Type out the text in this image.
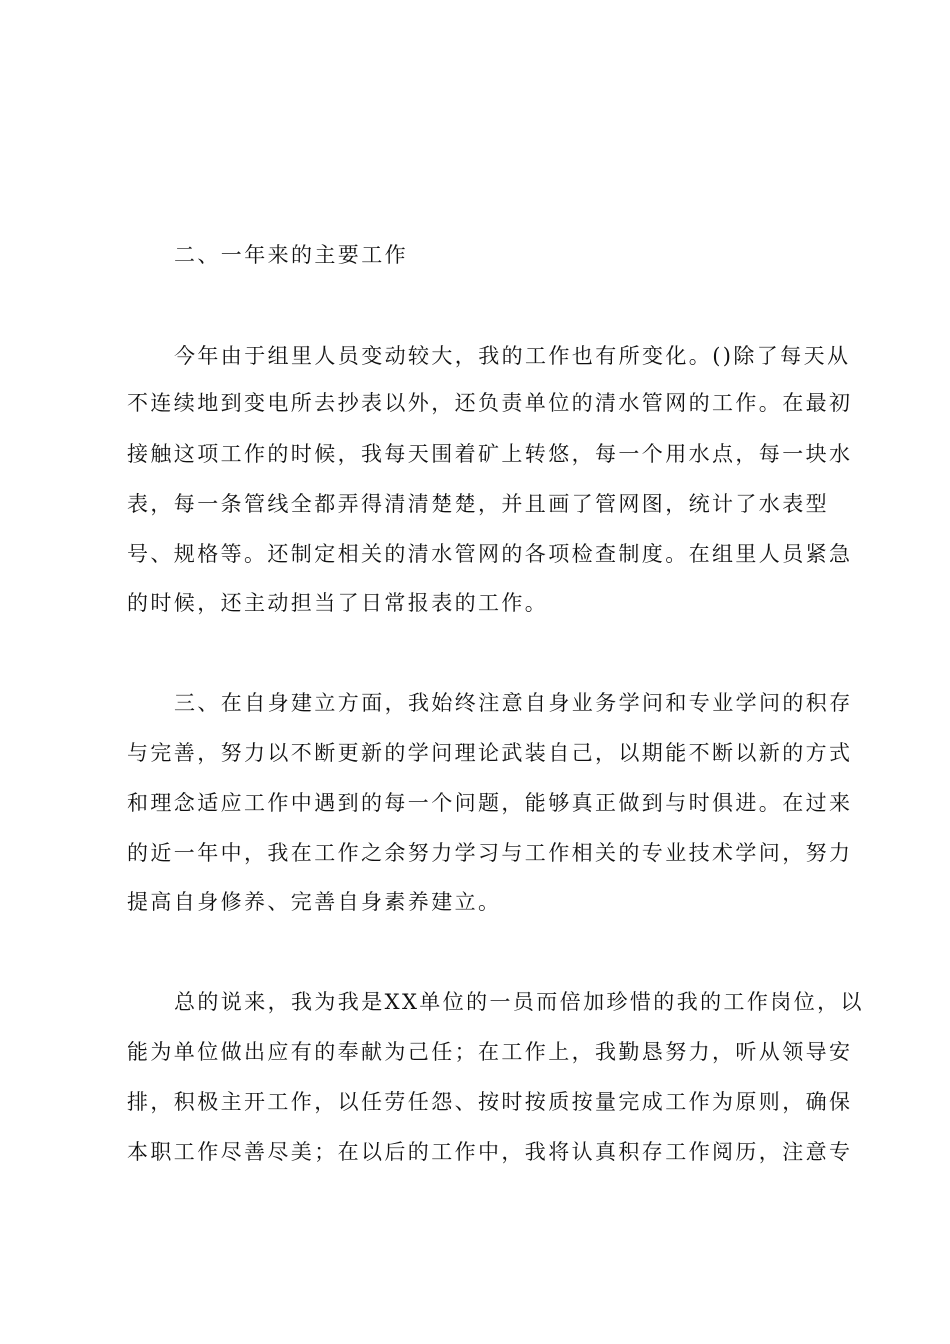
二、一年来的主要工作
今年由于组里人员变动较大，我的工作也有所变化。()除了每天从
不连续地到变电所去抄表以外，还负责单位的清水管网的工作。在最初
接触这项工作的时候，我每天围着矿上转悠，每一个用水点，每一块水
表，每一条管线全都弄得清清楚楚，并且画了管网图，统计了水表型
号、规格等。还制定相关的清水管网的各项检查制度。在组里人员紧急
的时候，还主动担当了日常报表的工作。
三、在自身建立方面，我始终注意自身业务学问和专业学问的积存
与完善，努力以不断更新的学问理论武装自己，以期能不断以新的方式
和理念适应工作中遇到的每一个问题，能够真正做到与时俱进。在过来
的近一年中，我在工作之余努力学习与工作相关的专业技术学问，努力
提高自身修养、完善自身素养建立。
总的说来，我为我是XX单位的一员而倍加珍惜的我的工作岗位，以
能为单位做出应有的奉献为己任；在工作上，我勤恳努力，听从领导安
排，积极主开工作，以任劳任怨、按时按质按量完成工作为原则，确保
本职工作尽善尽美；在以后的工作中，我将认真积存工作阅历，注意专
